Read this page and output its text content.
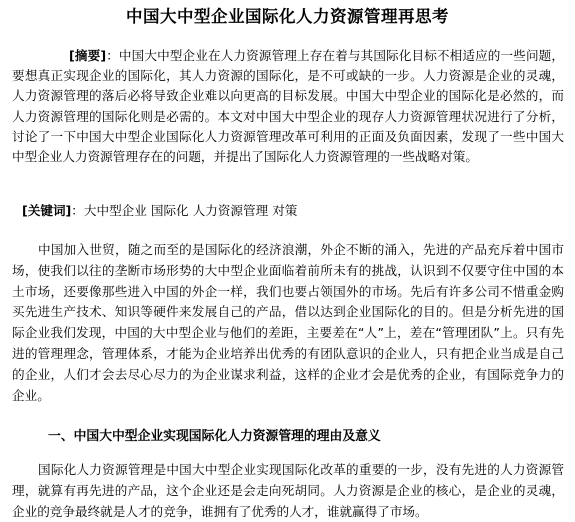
中国大中型企业国际化人力资源管理再思考
[摘要]：中国大中型企业在人力资源管理上存在着与其国际化目标不相适应的一些问题，要想真正实现企业的国际化，其人力资源的国际化，是不可或缺的一步。人力资源是企业的灵魂，人力资源管理的落后必将导致企业难以向更高的目标发展。中国大中型企业的国际化是必然的，而人力资源管理的国际化则是必需的。本文对中国大中型企业的现存人力资源管理状况进行了分析，讨论了一下中国大中型企业国际化人力资源管理改革可利用的正面及负面因素，发现了一些中国大中型企业人力资源管理存在的问题，并提出了国际化人力资源管理的一些战略对策。
[关键词]：大中型企业 国际化 人力资源管理 对策
中国加入世贸，随之而至的是国际化的经济浪潮，外企不断的涌入，先进的产品充斥着中国市场，使我们以往的垄断市场形势的大中型企业面临着前所未有的挑战，认识到不仅要守住中国的本土市场，还要像那些进入中国的外企一样，我们也要占领国外的市场。先后有许多公司不惜重金购买先进生产技术、知识等硬件来发展自己的产品，借以达到企业国际化的目的。但是分析先进的国际企业我们发现，中国的大中型企业与他们的差距，主要差在“人”上，差在“管理团队”上。只有先进的管理理念，管理体系，才能为企业培养出优秀的有团队意识的企业人，只有把企业当成是自己的企业，人们才会去尽心尽力的为企业谋求利益，这样的企业才会是优秀的企业，有国际竞争力的企业。
一、中国大中型企业实现国际化人力资源管理的理由及意义
国际化人力资源管理是中国大中型企业实现国际化改革的重要的一步，没有先进的人力资源管理，就算有再先进的产品，这个企业还是会走向死胡同。人力资源是企业的核心，是企业的灵魂，企业的竞争最终就是人才的竞争，谁拥有了优秀的人才，谁就赢得了市场。
